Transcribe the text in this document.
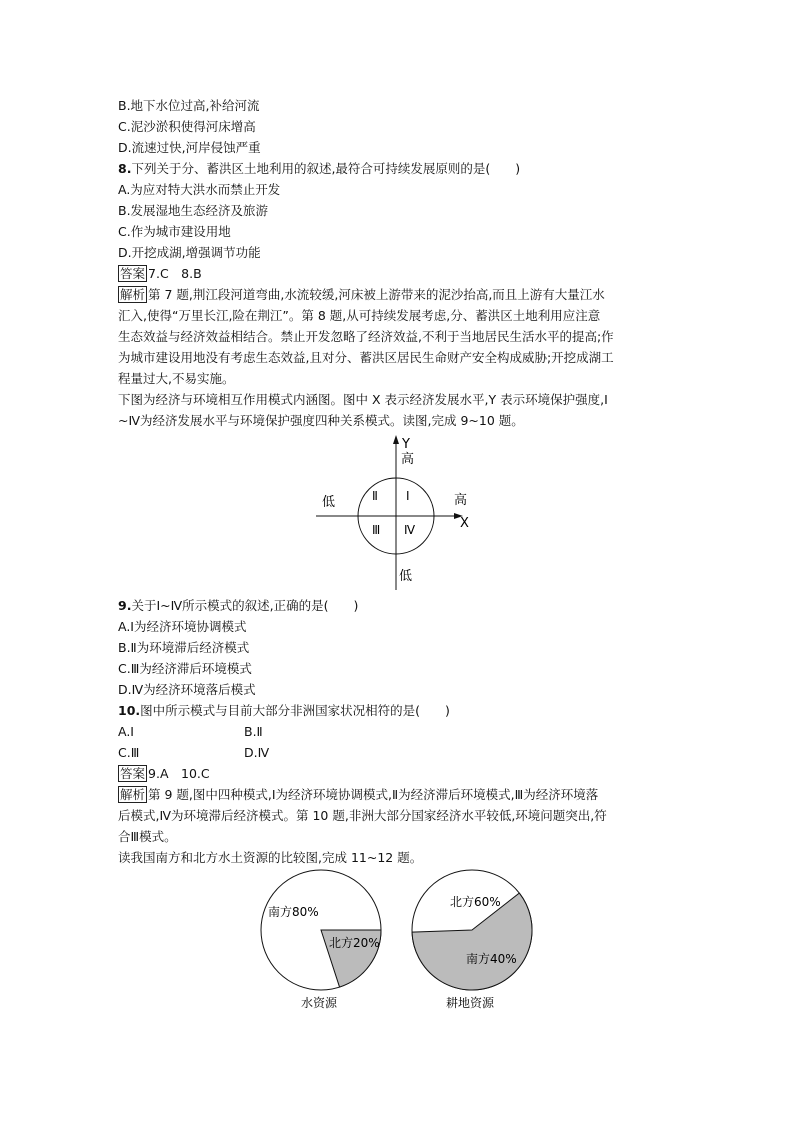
B.地下水位过高,补给河流
C.泥沙淤积使得河床增高
D.流速过快,河岸侵蚀严重
8.下列关于分、蓄洪区土地利用的叙述,最符合可持续发展原则的是(　　)
A.为应对特大洪水而禁止开发
B.发展湿地生态经济及旅游
C.作为城市建设用地
D.开挖成湖,增强调节功能
答案 7.C　8.B
解析 第 7 题,荆江段河道弯曲,水流较缓,河床被上游带来的泥沙抬高,而且上游有大量江水
汇入,使得“万里长江,险在荆江”。第 8 题,从可持续发展考虑,分、蓄洪区土地利用应注意
生态效益与经济效益相结合。禁止开发忽略了经济效益,不利于当地居民生活水平的提高;作
为城市建设用地没有考虑生态效益,且对分、蓄洪区居民生命财产安全构成威胁;开挖成湖工
程量过大,不易实施。
下图为经济与环境相互作用模式内涵图。图中 X 表示经济发展水平,Y 表示环境保护强度,Ⅰ
~Ⅳ为经济发展水平与环境保护强度四种关系模式。读图,完成 9~10 题。
Y
高
X
高
低
低
Ⅰ
Ⅱ
Ⅲ Ⅳ
9.关于Ⅰ~Ⅳ所示模式的叙述,正确的是(　　)
A.Ⅰ为经济环境协调模式
B.Ⅱ为环境滞后经济模式
C.Ⅲ为经济滞后环境模式
D.Ⅳ为经济环境落后模式
10.图中所示模式与目前大部分非洲国家状况相符的是(　　)
A.Ⅰ	B.Ⅱ
C.Ⅲ	D.Ⅳ
答案 9.A　10.C
解析 第 9 题,图中四种模式,Ⅰ为经济环境协调模式,Ⅱ为经济滞后环境模式,Ⅲ为经济环境落
后模式,Ⅳ为环境滞后经济模式。第 10 题,非洲大部分国家经济水平较低,环境问题突出,符
合Ⅲ模式。
读我国南方和北方水土资源的比较图,完成 11~12 题。
南方80%
北方20%
水资源
北方60%
南方40%
耕地资源
